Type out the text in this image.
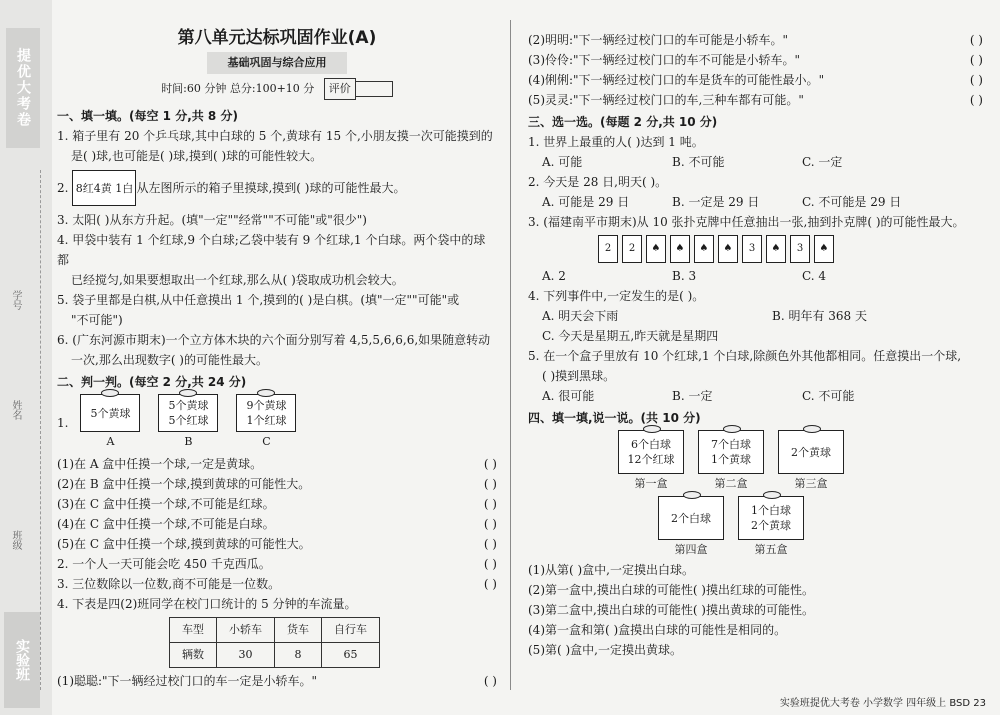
提优大考卷
学号
姓名
班级
实验班
第八单元达标巩固作业(A)
基础巩固与综合应用
时间:60 分钟 总分:100+10 分 评价
一、填一填。(每空 1 分,共 8 分)

1. 箱子里有 20 个乒乓球,其中白球的 5 个,黄球有 15 个,小朋友摸一次可能摸到的

是( )球,也可能是( )球,摸到( )球的可能性较大。

2. 8红4黄 1白 从左图所示的箱子里摸球,摸到( )球的可能性最大。

3. 太阳( )从东方升起。(填"一定""经常""不可能"或"很少")

4. 甲袋中装有 1 个红球,9 个白球;乙袋中装有 9 个红球,1 个白球。两个袋中的球都

已经搅匀,如果要想取出一个红球,那么从( )袋取成功机会较大。

5. 袋子里都是白棋,从中任意摸出 1 个,摸到的( )是白棋。(填"一定""可能"或

"不可能")

6. (广东河源市期末)一个立方体木块的六个面分别写着 4,5,5,6,6,6,如果随意转动

一次,那么出现数字( )的可能性最大。

二、判一判。(每空 2 分,共 24 分)
1.
5个黄球
A
5个黄球
5个红球
B
9个黄球
1个红球
C

(1)在 A 盒中任摸一个球,一定是黄球。	( )

(2)在 B 盒中任摸一个球,摸到黄球的可能性大。	( )

(3)在 C 盒中任摸一个球,不可能是红球。	( )

(4)在 C 盒中任摸一个球,不可能是白球。	( )

(5)在 C 盒中任摸一个球,摸到黄球的可能性大。	( )

2. 一个人一天可能会吃 450 千克西瓜。	( )

3. 三位数除以一位数,商不可能是一位数。	( )

4. 下表是四(2)班同学在校门口统计的 5 分钟的车流量。

车型	小轿车	货车	自行车
辆数	30	8	65

(1)聪聪:"下一辆经过校门口的车一定是小轿车。"	( )

(2)明明:"下一辆经过校门口的车可能是小轿车。"	( )

(3)伶伶:"下一辆经过校门口的车不可能是小轿车。"	( )

(4)俐俐:"下一辆经过校门口的车是货车的可能性最小。"	( )

(5)灵灵:"下一辆经过校门口的车,三种车都有可能。"	( )

三、选一选。(每题 2 分,共 10 分)

1. 世界上最重的人( )达到 1 吨。

A. 可能	B. 不可能	C. 一定

2. 今天是 28 日,明天( )。

A. 可能是 29 日	B. 一定是 29 日	C. 不可能是 29 日

3. (福建南平市期末)从 10 张扑克牌中任意抽出一张,抽到扑克牌( )的可能性最大。

2	2	♠	♠	♠	♠	3	♠	3	♠
A. 2	B. 3	C. 4

4. 下列事件中,一定发生的是( )。

A. 明天会下雨	B. 明年有 368 天
C. 今天是星期五,昨天就是星期四

5. 在一个盒子里放有 10 个红球,1 个白球,除颜色外其他都相同。任意摸出一个球,

( )摸到黑球。

A. 很可能	B. 一定	C. 不可能
四、填一填,说一说。(共 10 分)
6个白球
12个红球
第一盒
7个白球
1个黄球
第二盒
2个黄球
第三盒
2个白球
第四盒
1个白球
2个黄球
第五盒

(1)从第( )盒中,一定摸出白球。

(2)第一盒中,摸出白球的可能性( )摸出红球的可能性。

(3)第二盒中,摸出白球的可能性( )摸出黄球的可能性。

(4)第一盒和第( )盒摸出白球的可能性是相同的。

(5)第( )盒中,一定摸出黄球。

实验班提优大考卷 小学数学 四年级上 BSD 23
